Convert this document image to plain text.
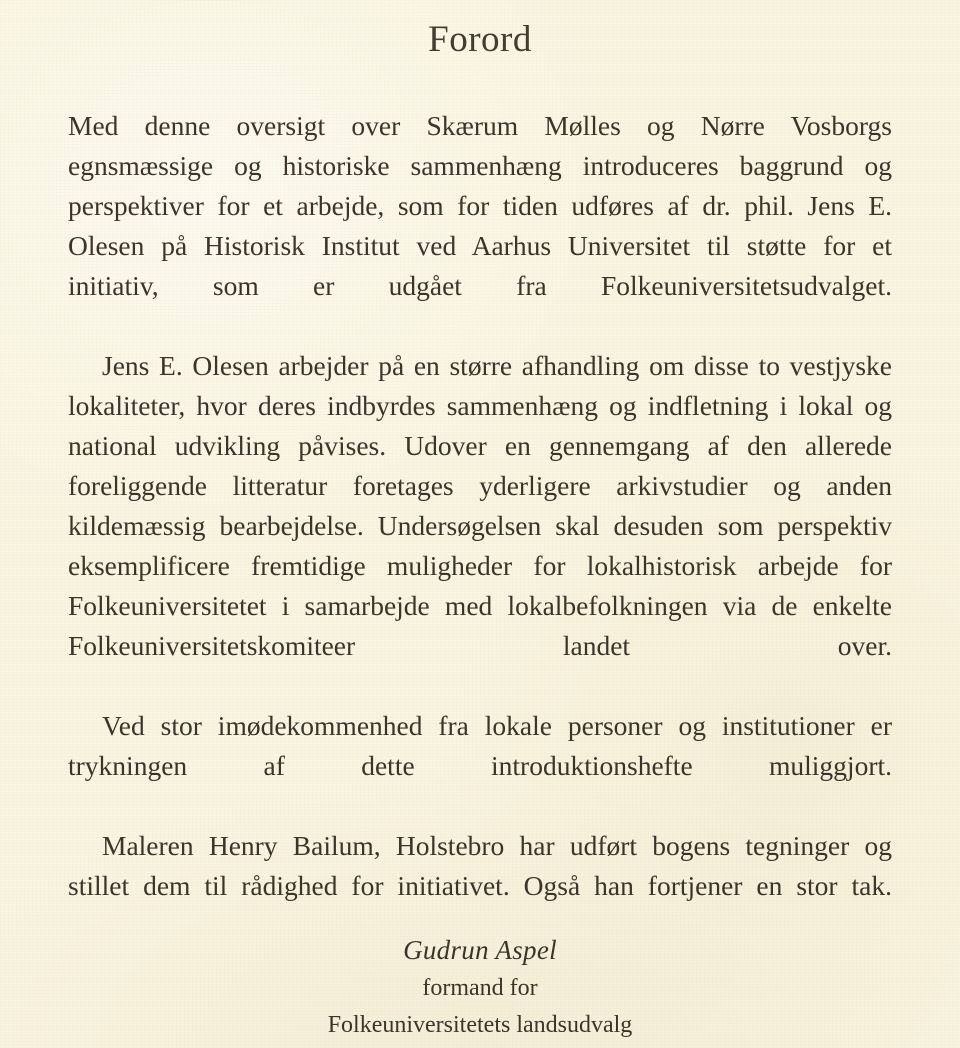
Forord

Med denne oversigt over Skærum Mølles og Nørre Vosborgs egnsmæssige og historiske sammenhæng introduceres baggrund og perspektiver for et arbejde, som for tiden udføres af dr. phil. Jens E. Olesen på Historisk Institut ved Aarhus Universitet til støtte for et initiativ, som er udgået fra Folkeuniversitetsudvalget.

Jens E. Olesen arbejder på en større afhandling om disse to vestjyske lokaliteter, hvor deres indbyrdes sammenhæng og indfletning i lokal og national udvikling påvises. Udover en gennemgang af den allerede foreliggende litteratur foretages yderligere arkivstudier og anden kildemæssig bearbejdelse. Undersøgelsen skal desuden som perspektiv eksemplificere fremtidige muligheder for lokalhistorisk arbejde for Folkeuniversitetet i samarbejde med lokalbefolkningen via de enkelte Folkeuniversitetskomiteer landet over.

Ved stor imødekommenhed fra lokale personer og institutioner er trykningen af dette introduktionshefte muliggjort.

Maleren Henry Bailum, Holstebro har udført bogens tegninger og stillet dem til rådighed for initiativet. Også han fortjener en stor tak.

Gudrun Aspel
formand for
Folkeuniversitetets landsudvalg
